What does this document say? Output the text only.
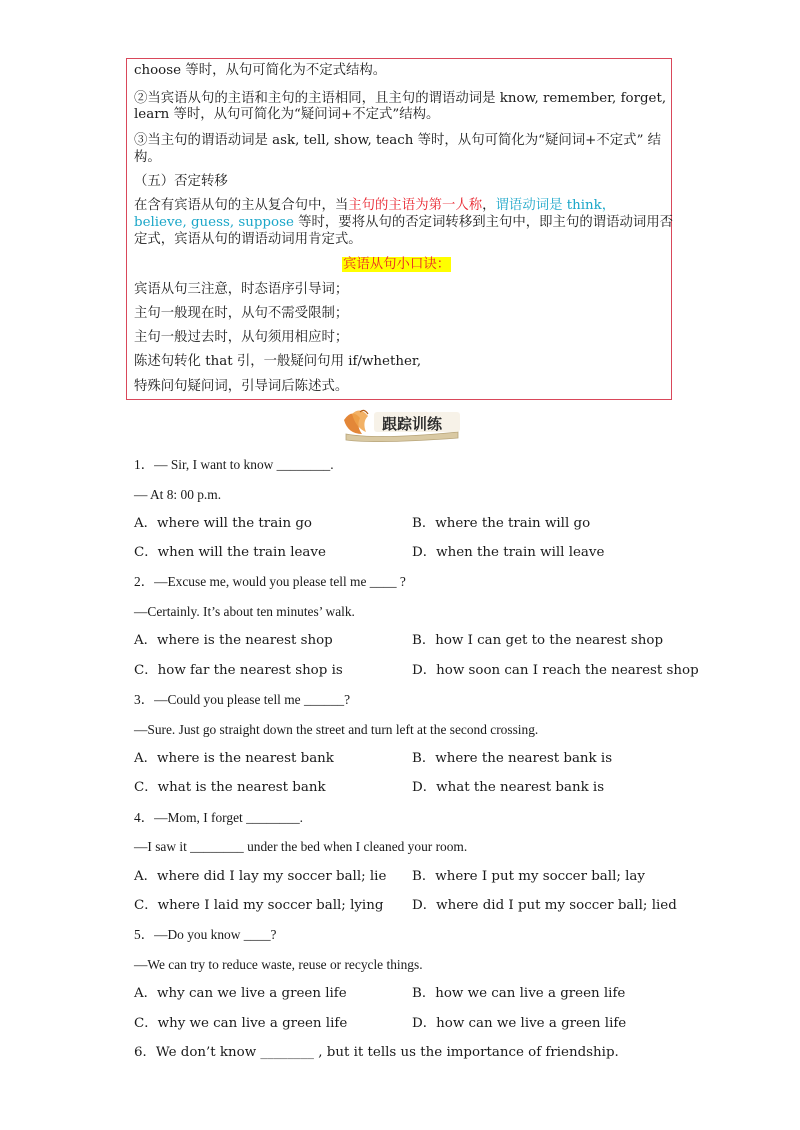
choose 等时，从句可简化为不定式结构。
②当宾语从句的主语和主句的主语相同，且主句的谓语动词是 know, remember, forget,
learn 等时，从句可简化为“疑问词+不定式”结构。
③当主句的谓语动词是 ask, tell, show, teach 等时，从句可简化为“疑问词+不定式” 结
构。
（五）否定转移
在含有宾语从句的主从复合句中，当主句的主语为第一人称，谓语动词是 think，
believe, guess, suppose 等时，要将从句的否定词转移到主句中，即主句的谓语动词用否
定式，宾语从句的谓语动词用肯定式。
宾语从句小口诀：
宾语从句三注意，时态语序引导词；
主句一般现在时，从句不需受限制；
主句一般过去时，从句须用相应时；
陈述句转化 that 引，一般疑问句用 if/whether,
特殊问句疑问词，引导词后陈述式。
跟踪训练
1．— Sir, I want to know ________.
— At 8: 00 p.m.
A．where will the train go	B．where the train will go
C．when will the train leave	D．when the train will leave
2．—Excuse me, would you please tell me ____ ?
—Certainly. It’s about ten minutes’ walk.
A．where is the nearest shop	B．how I can get to the nearest shop
C．how far the nearest shop is	D．how soon can I reach the nearest shop
3．—Could you please tell me ______?
—Sure. Just go straight down the street and turn left at the second crossing.
A．where is the nearest bank	B．where the nearest bank is
C．what is the nearest bank	D．what the nearest bank is
4．—Mom, I forget ________.
—I saw it ________ under the bed when I cleaned your room.
A．where did I lay my soccer ball; lie B．where I put my soccer ball; lay
C．where I laid my soccer ball; lying D．where did I put my soccer ball; lied
5．—Do you know ____?
—We can try to reduce waste, reuse or recycle things.
A．why can we live a green life	B．how we can live a green life
C．why we can live a green life	D．how can we live a green life
6．We don’t know ________ , but it tells us the importance of friendship.
